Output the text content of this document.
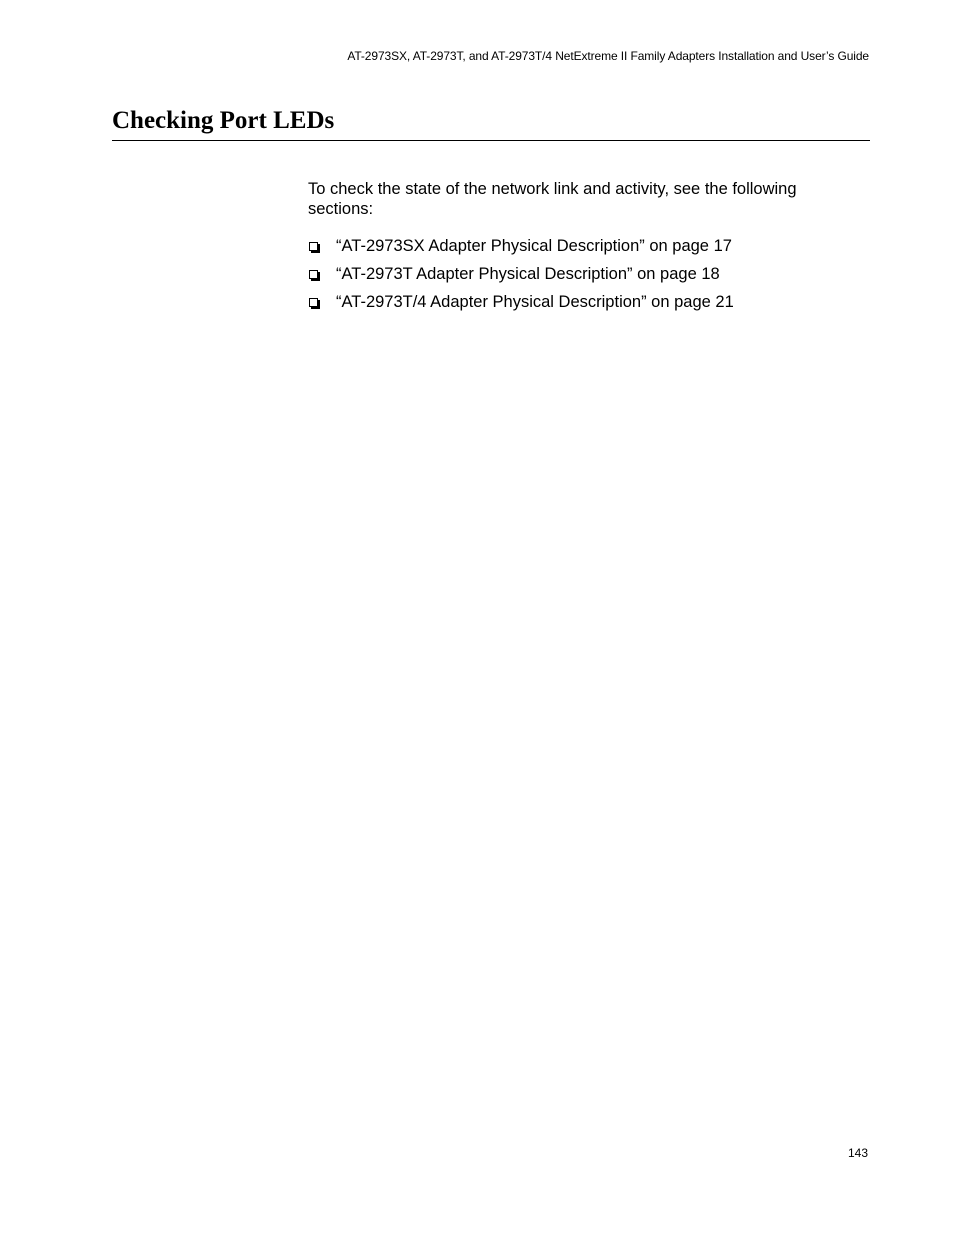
AT-2973SX, AT-2973T, and AT-2973T/4 NetExtreme II Family Adapters Installation and User’s Guide
Checking Port LEDs

To check the state of the network link and activity, see the following sections:

“AT-2973SX Adapter Physical Description” on page 17
“AT-2973T Adapter Physical Description” on page 18
“AT-2973T/4 Adapter Physical Description” on page 21
143
